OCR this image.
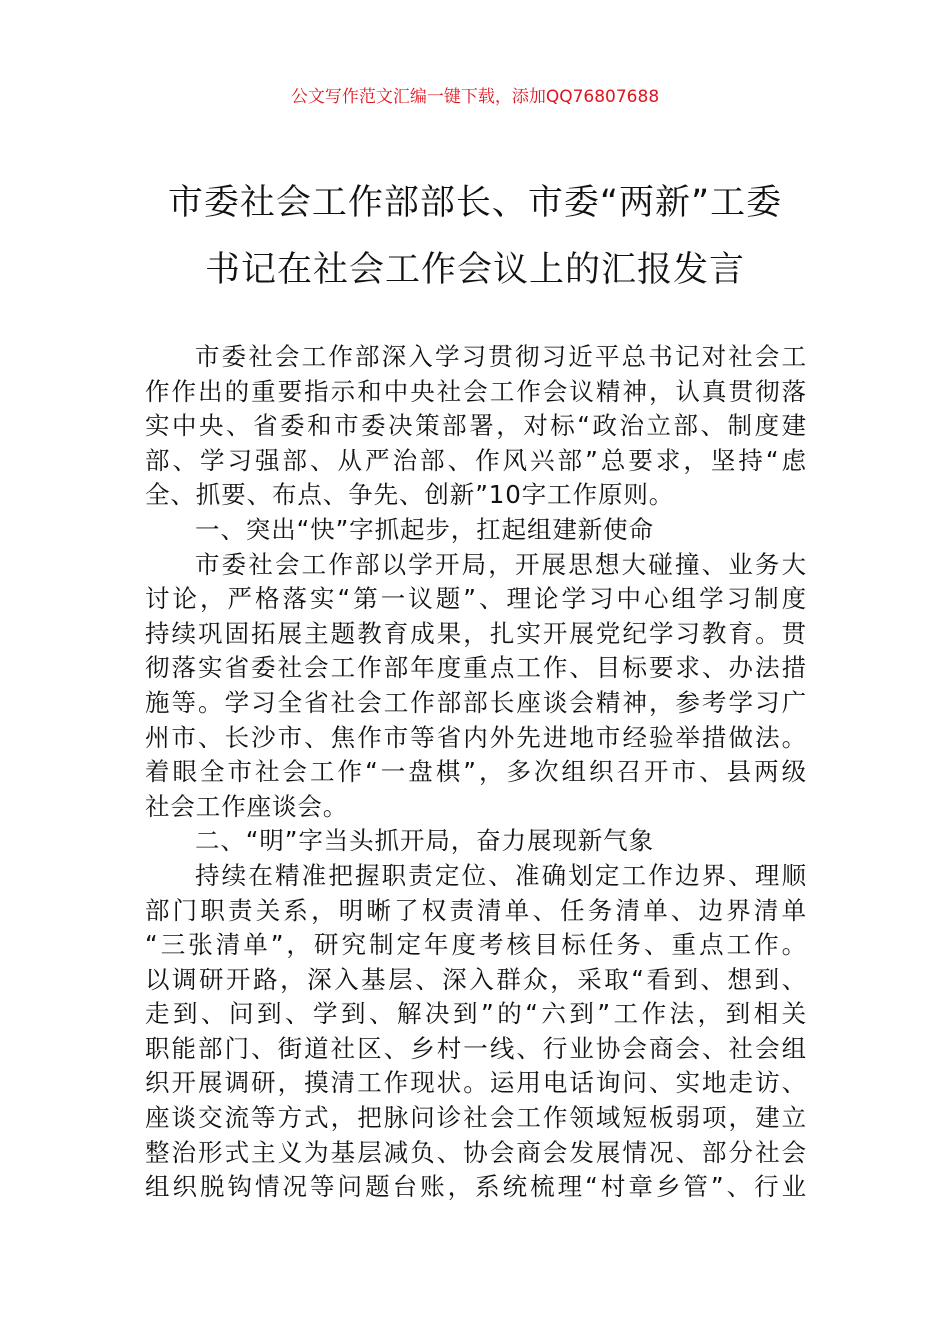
公文写作范文汇编一键下载，添加QQ76807688
市委社会工作部部长、市委“两新”工委
书记在社会工作会议上的汇报发言
市委社会工作部深入学习贯彻习近平总书记对社会工
作作出的重要指示和中央社会工作会议精神，认真贯彻落
实中央、省委和市委决策部署，对标“政治立部、制度建
部、学习强部、从严治部、作风兴部”总要求，坚持“虑
全、抓要、布点、争先、创新”10字工作原则。
一、突出“快”字抓起步，扛起组建新使命
市委社会工作部以学开局，开展思想大碰撞、业务大
讨论，严格落实“第一议题”、理论学习中心组学习制度
持续巩固拓展主题教育成果，扎实开展党纪学习教育。贯
彻落实省委社会工作部年度重点工作、目标要求、办法措
施等。学习全省社会工作部部长座谈会精神，参考学习广
州市、长沙市、焦作市等省内外先进地市经验举措做法。
着眼全市社会工作“一盘棋”，多次组织召开市、县两级
社会工作座谈会。
二、“明”字当头抓开局，奋力展现新气象
持续在精准把握职责定位、准确划定工作边界、理顺
部门职责关系，明晰了权责清单、任务清单、边界清单
“三张清单”，研究制定年度考核目标任务、重点工作。
以调研开路，深入基层、深入群众，采取“看到、想到、
走到、问到、学到、解决到”的“六到”工作法，到相关
职能部门、街道社区、乡村一线、行业协会商会、社会组
织开展调研，摸清工作现状。运用电话询问、实地走访、
座谈交流等方式，把脉问诊社会工作领域短板弱项，建立
整治形式主义为基层减负、协会商会发展情况、部分社会
组织脱钩情况等问题台账，系统梳理“村章乡管”、行业
